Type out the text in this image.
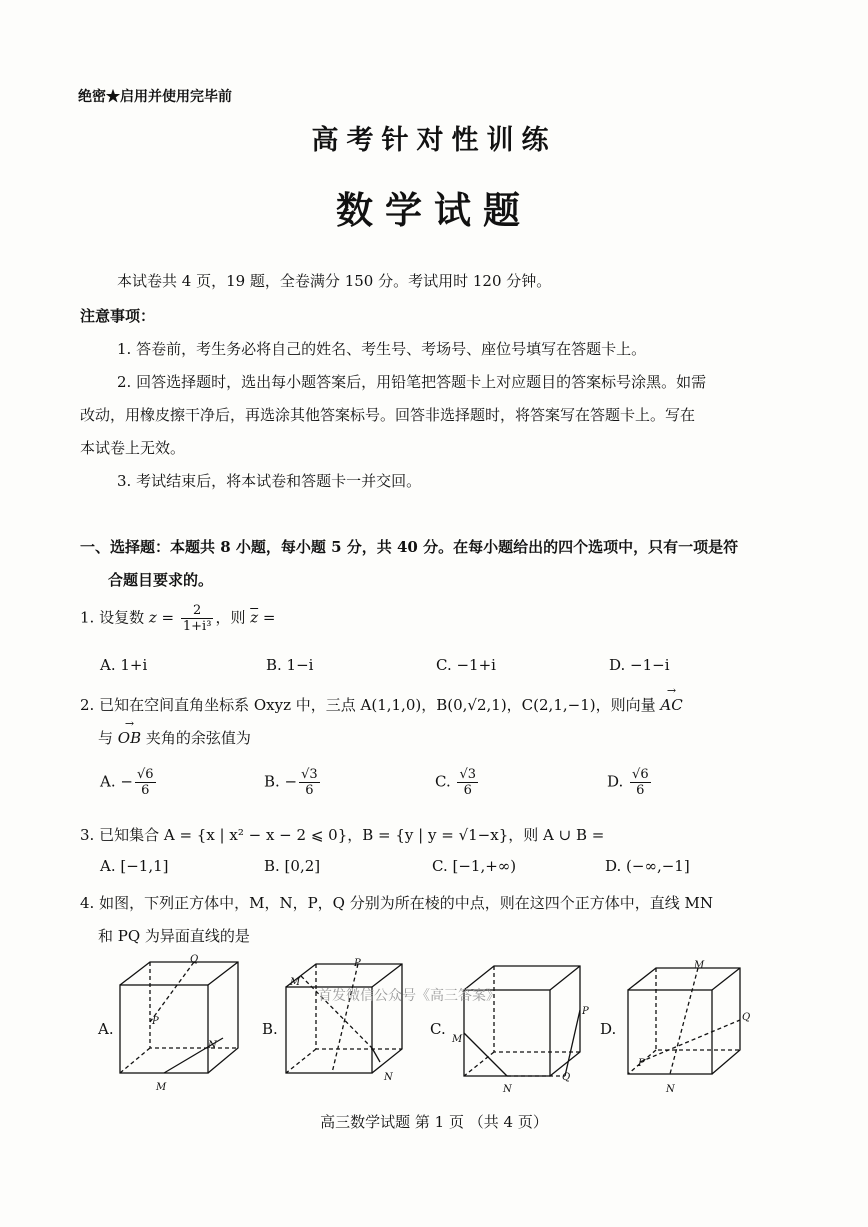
绝密★启用并使用完毕前
高考针对性训练
数学试题
本试卷共 4 页，19 题，全卷满分 150 分。考试用时 120 分钟。
注意事项：
1. 答卷前，考生务必将自己的姓名、考生号、考场号、座位号填写在答题卡上。
2. 回答选择题时，选出每小题答案后，用铅笔把答题卡上对应题目的答案标号涂黑。如需
改动，用橡皮擦干净后，再选涂其他答案标号。回答非选择题时，将答案写在答题卡上。写在
本试卷上无效。
3. 考试结束后，将本试卷和答题卡一并交回。
一、选择题：本题共 8 小题，每小题 5 分，共 40 分。在每小题给出的四个选项中，只有一项是符
合题目要求的。
1. 设复数 $z = \frac{2}{\text{1+i³}}$ ，则 $\overline{z}$ =
A. 1+i	B. 1−i	C. −1+i	D. −1−i
2. 已知在空间直角坐标系 Oxyz 中，三点 A(1,1,0)，B(0,√2,1)，C(2,1,−1)，则向量 → AC
与 → OB 夹角的余弦值为
A. − $\frac{√6}{6}$	B. − $\frac{√3}{6}$	C. $\frac{√3}{6}$	D. $\frac{√6}{6}$
3. 已知集合 A = {x | x² − x − 2 ⩽ 0}，B = {y | y = √1−x}，则 A ∪ B =
A. [−1,1]	B. [0,2]	C. [−1,+∞)	D. (−∞,−1]
4. 如图，下列正方体中，M，N，P，Q 分别为所在棱的中点，则在这四个正方体中，直线 MN
和 PQ 为异面直线的是
A.	B.	C.	D.
Q
P
N
M
P
M
N
P
M
Q
N
M
Q
P
N
首发微信公众号《高三答案》
高三数学试题 第 1 页 （共 4 页）
